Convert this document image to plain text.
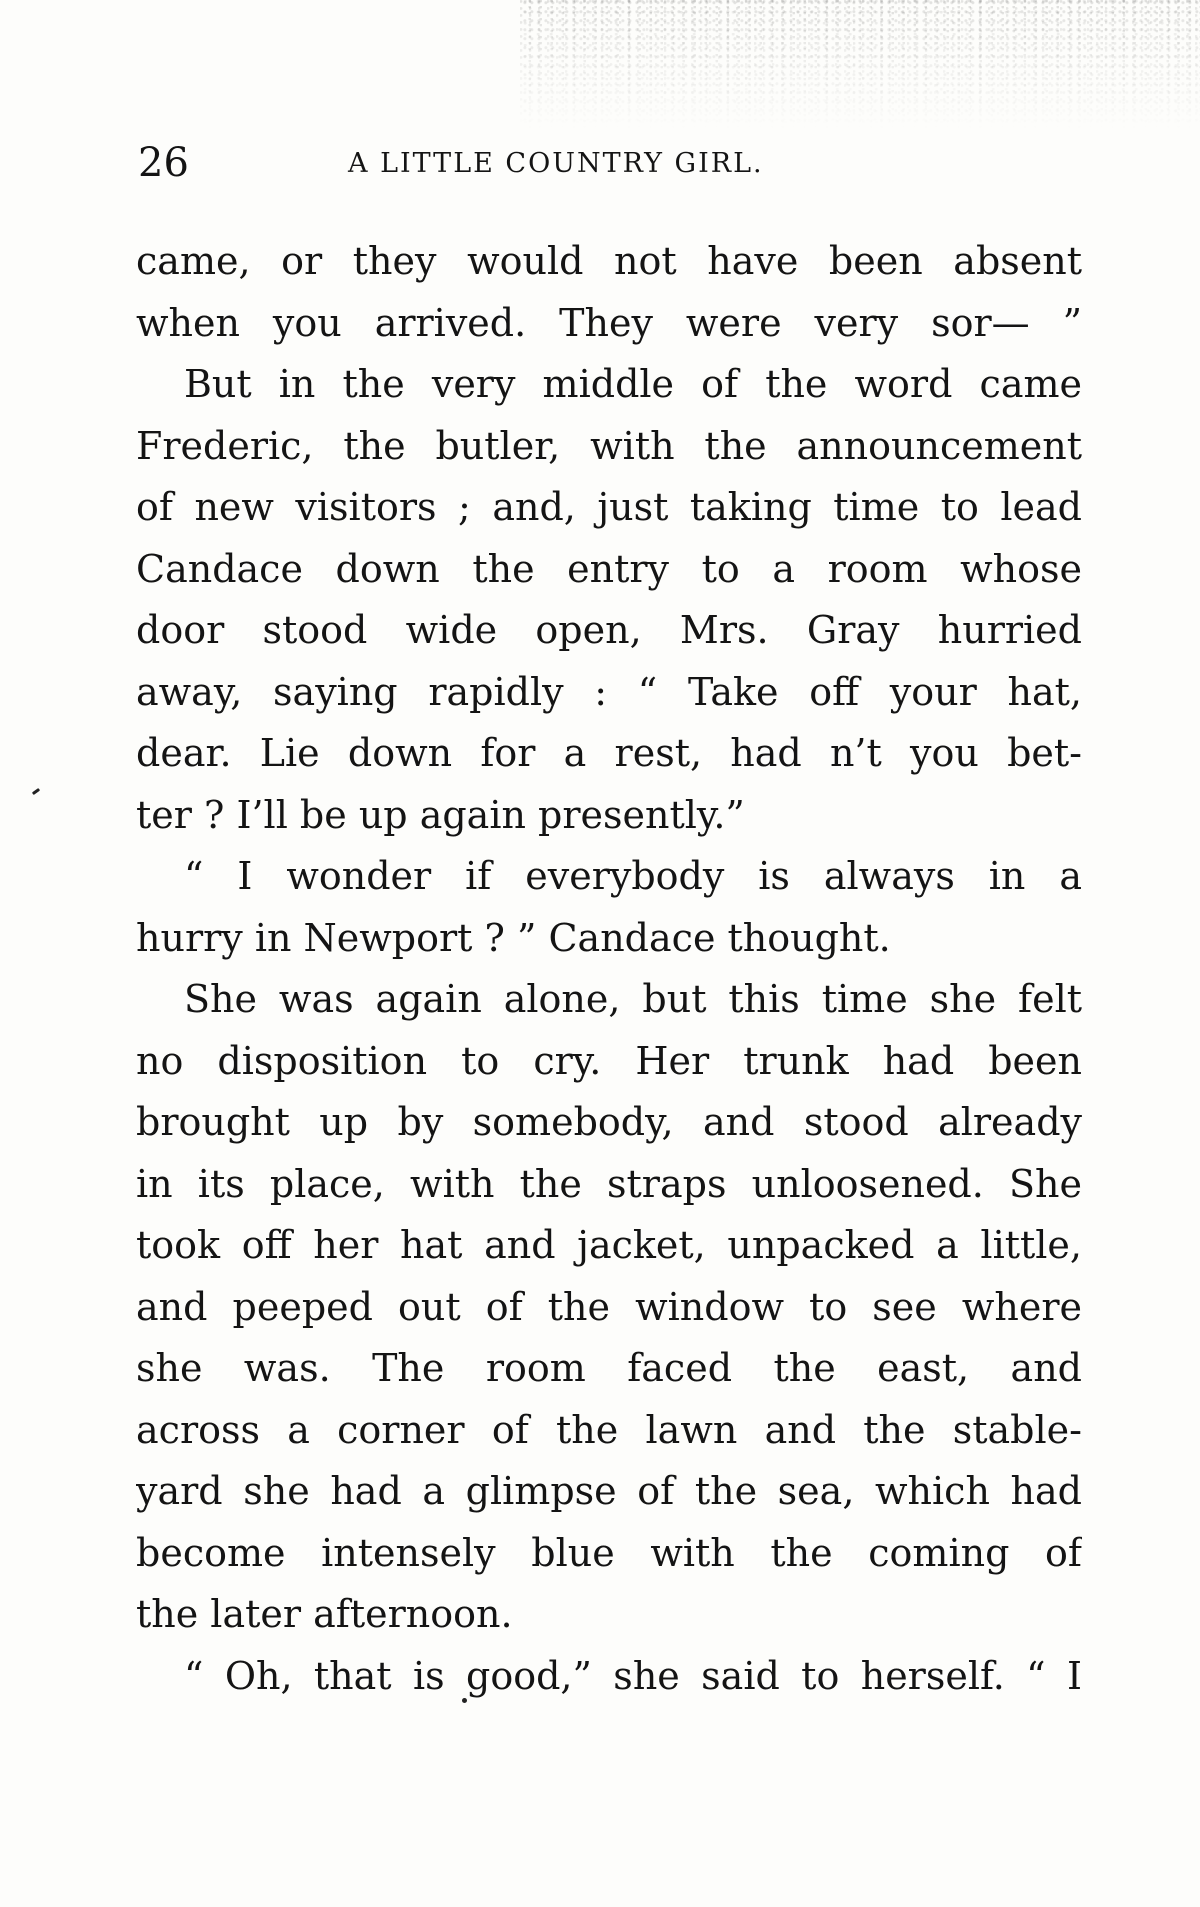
26	A LITTLE COUNTRY GIRL.
came, or they would not have been absent
when you arrived. They were very sor— ”
But in the very middle of the word came
Frederic, the butler, with the announcement
of new visitors ; and, just taking time to lead
Candace down the entry to a room whose
door stood wide open, Mrs. Gray hurried
away, saying rapidly : “ Take off your hat,
dear. Lie down for a rest, had n’t you bet-
ter ? I’ll be up again presently.”
“ I wonder if everybody is always in a
hurry in Newport ? ” Candace thought.
She was again alone, but this time she felt
no disposition to cry. Her trunk had been
brought up by somebody, and stood already
in its place, with the straps unloosened. She
took off her hat and jacket, unpacked a little,
and peeped out of the window to see where
she was. The room faced the east, and
across a corner of the lawn and the stable-
yard she had a glimpse of the sea, which had
become intensely blue with the coming of
the later afternoon.
“ Oh, that is good,” she said to herself. “ I
